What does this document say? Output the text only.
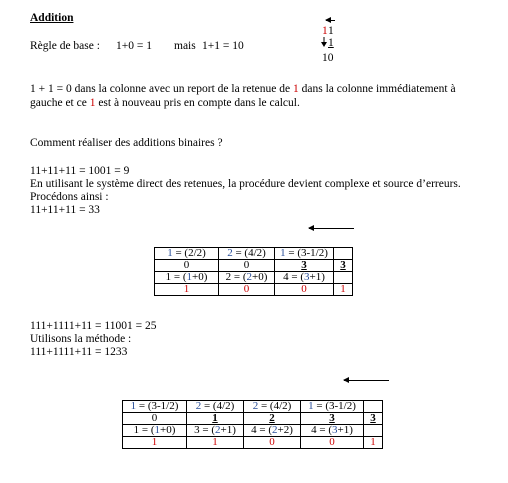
Addition
Règle de base : 1+0 = 1 mais 1+1 = 10
1 1
1
10
1 + 1 = 0 dans la colonne avec un report de la retenue de 1 dans la colonne immédiatement à
gauche et ce 1 est à nouveau pris en compte dans le calcul.
Comment réaliser des additions binaires ?
11+11+11 = 1001 = 9
En utilisant le système direct des retenues, la procédure devient complexe et source d’erreurs.
Procédons ainsi :
11+11+11 = 33
1 = (2/2)	2 = (4/2)	1 = (3-1/2)	
0	0	3	3
1 = (1+0)	2 = (2+0)	4 = (3+1)	
1	0	0	1
111+1111+11 = 11001 = 25
Utilisons la méthode :
111+1111+11 = 1233
1 = (3-1/2)	2 = (4/2)	2 = (4/2)	1 = (3-1/2)	
0	1	2	3	3
1 = (1+0)	3 = (2+1)	4 = (2+2)	4 = (3+1)	
1	1	0	0	1
